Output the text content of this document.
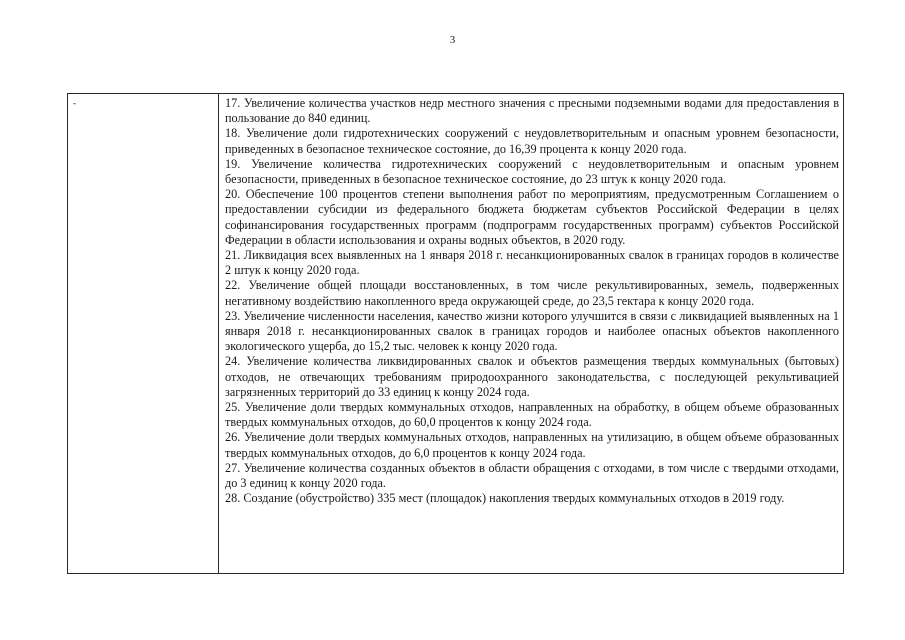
3
-	17. Увеличение количества участков недр местного значения с пресными подземными водами для предоставления в пользование до 840 единиц.

18. Увеличение доли гидротехнических сооружений с неудовлетворительным и опасным уровнем безопасности, приведенных в безопасное техническое состояние, до 16,39 процента к концу 2020 года.

19. Увеличение количества гидротехнических сооружений с неудовлетворительным и опасным уровнем безопасности, приведенных в безопасное техническое состояние, до 23 штук к концу 2020 года.

20. Обеспечение 100 процентов степени выполнения работ по мероприятиям, предусмотренным Соглашением о предоставлении субсидии из федерального бюджета бюджетам субъектов Российской Федерации в целях софинансирования государственных программ (подпрограмм государственных программ) субъектов Российской Федерации в области использования и охраны водных объектов, в 2020 году.

21. Ликвидация всех выявленных на 1 января 2018 г. несанкционированных свалок в границах городов в количестве 2 штук к концу 2020 года.

22. Увеличение общей площади восстановленных, в том числе рекультивированных, земель, подверженных негативному воздействию накопленного вреда окружающей среде, до 23,5 гектара к концу 2020 года.

23. Увеличение численности населения, качество жизни которого улучшится в связи с ликвидацией выявленных на 1 января 2018 г. несанкционированных свалок в границах городов и наиболее опасных объектов накопленного экологического ущерба, до 15,2 тыс. человек к концу 2020 года.

24. Увеличение количества ликвидированных свалок и объектов размещения твердых коммунальных (бытовых) отходов, не отвечающих требованиям природоохранного законодательства, с последующей рекультивацией загрязненных территорий до 33 единиц к концу 2024 года.

25. Увеличение доли твердых коммунальных отходов, направленных на обработку, в общем объеме образованных твердых коммунальных отходов, до 60,0 процентов к концу 2024 года.

26. Увеличение доли твердых коммунальных отходов, направленных на утилизацию, в общем объеме образованных твердых коммунальных отходов, до 6,0 процентов к концу 2024 года.

27. Увеличение количества созданных объектов в области обращения с отходами, в том числе с твердыми отходами, до 3 единиц к концу 2020 года.

28. Создание (обустройство) 335 мест (площадок) накопления твердых коммунальных отходов в 2019 году.
